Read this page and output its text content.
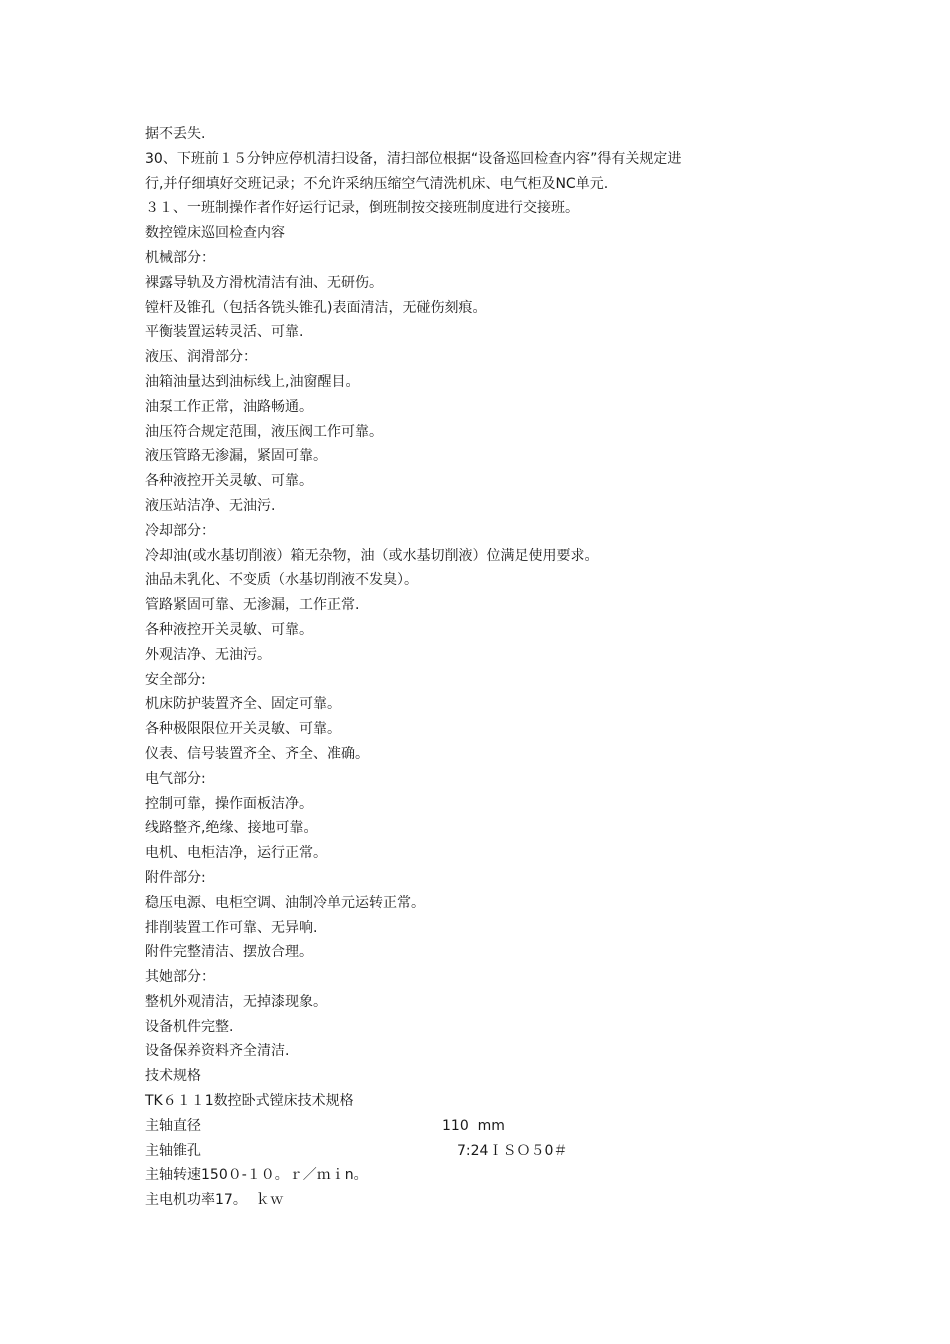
据不丢失.
30、下班前１５分钟应停机清扫设备，清扫部位根据“设备巡回检查内容”得有关规定进
行,并仔细填好交班记录；不允许采纳压缩空气清洗机床、电气柜及NC单元.
３１、一班制操作者作好运行记录，倒班制按交接班制度进行交接班。
数控镗床巡回检查内容
机械部分：
裸露导轨及方滑枕清洁有油、无研伤。
镗杆及锥孔（包括各铣头锥孔)表面清洁，无碰伤刻痕。
平衡装置运转灵活、可靠.
液压、润滑部分：
油箱油量达到油标线上,油窗醒目。
油泵工作正常，油路畅通。
油压符合规定范围，液压阀工作可靠。
液压管路无渗漏，紧固可靠。
各种液控开关灵敏、可靠。
液压站洁净、无油污.
冷却部分：
冷却油(或水基切削液）箱无杂物，油（或水基切削液）位满足使用要求。
油品未乳化、不变质（水基切削液不发臭）。
管路紧固可靠、无渗漏，工作正常.
各种液控开关灵敏、可靠。
外观洁净、无油污。
安全部分:
机床防护装置齐全、固定可靠。
各种极限限位开关灵敏、可靠。
仪表、信号装置齐全、齐全、准确。
电气部分:
控制可靠，操作面板洁净。
线路整齐,绝缘、接地可靠。
电机、电柜洁净，运行正常。
附件部分:
稳压电源、电柜空调、油制冷单元运转正常。
排削装置工作可靠、无异响.
附件完整清洁、摆放合理。
其她部分：
整机外观清洁，无掉漆现象。
设备机件完整.
设备保养资料齐全清洁.
技术规格
TK６１１1数控卧式镗床技术规格
主轴直径	110  mm
主轴锥孔	7:24ＩＳＯ５0＃
主轴转速150０-１０。ｒ／ｍｉn。
主电机功率17。  ｋｗ
